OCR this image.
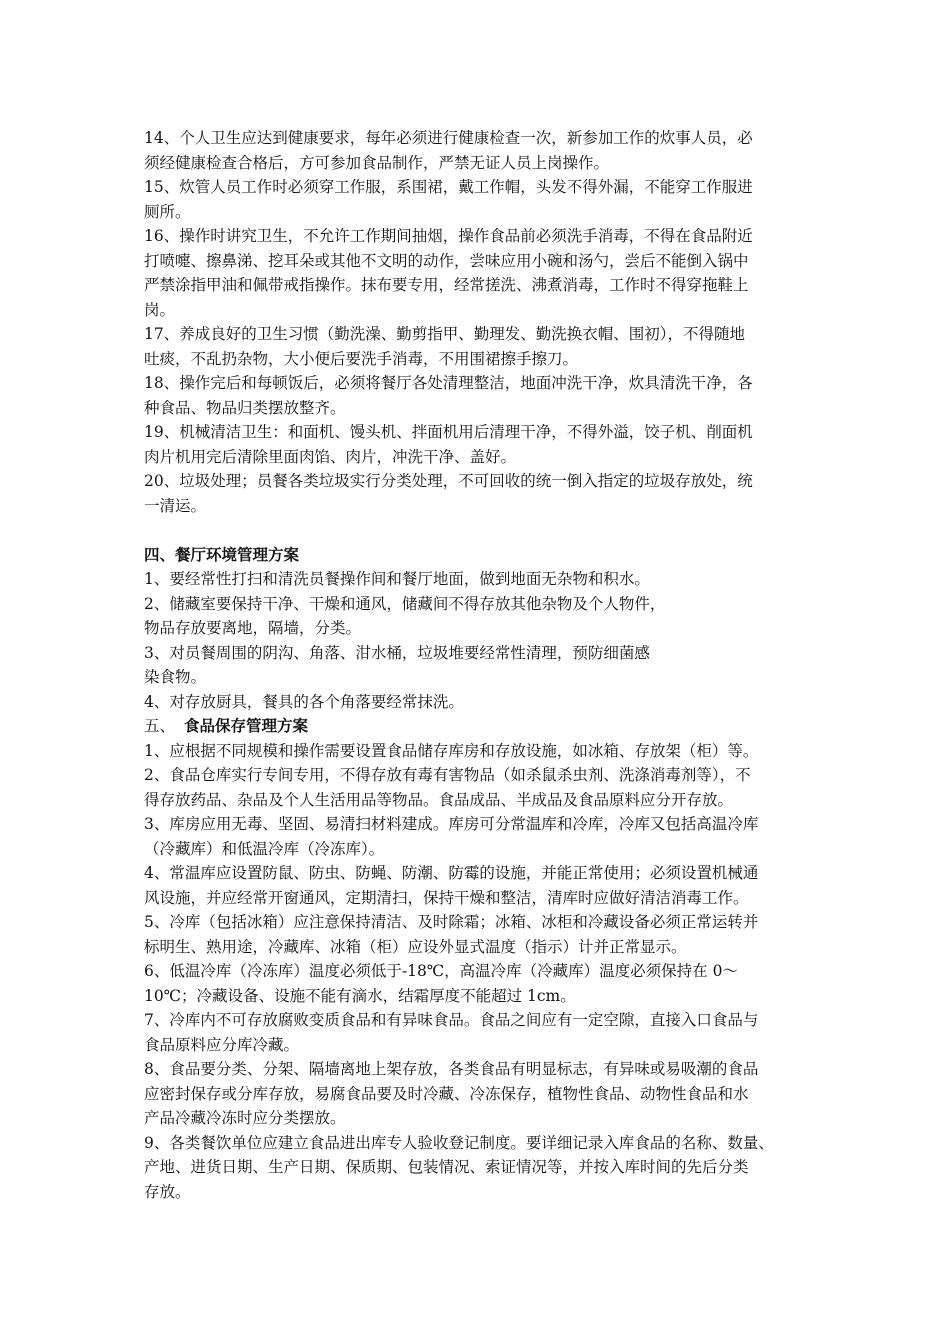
14、个人卫生应达到健康要求，每年必须进行健康检查一次，新参加工作的炊事人员，必
须经健康检查合格后，方可参加食品制作，严禁无证人员上岗操作。
15、炊管人员工作时必须穿工作服，系围裙，戴工作帽，头发不得外漏，不能穿工作服进
厕所。
16、操作时讲究卫生，不允许工作期间抽烟，操作食品前必须洗手消毒，不得在食品附近
打喷嚏、擦鼻涕、挖耳朵或其他不文明的动作，尝味应用小碗和汤勺，尝后不能倒入锅中
严禁涂指甲油和佩带戒指操作。抹布要专用，经常搓洗、沸煮消毒，工作时不得穿拖鞋上
岗。
17、养成良好的卫生习惯（勤洗澡、勤剪指甲、勤理发、勤洗换衣帽、围初），不得随地
吐痰，不乱扔杂物，大小便后要洗手消毒，不用围裙擦手擦刀。
18、操作完后和每顿饭后，必须将餐厅各处清理整洁，地面冲洗干净，炊具清洗干净，各
种食品、物品归类摆放整齐。
19、机械清洁卫生：和面机、馒头机、拌面机用后清理干净，不得外溢，饺子机、削面机
肉片机用完后清除里面肉馅、肉片，冲洗干净、盖好。
20、垃圾处理；员餐各类垃圾实行分类处理，不可回收的统一倒入指定的垃圾存放处，统
一清运。
四、餐厅环境管理方案
1、要经常性打扫和清洗员餐操作间和餐厅地面，做到地面无杂物和积水。
2、储藏室要保持干净、干燥和通风，储藏间不得存放其他杂物及个人物件，
物品存放要离地，隔墙，分类。
3、对员餐周围的阴沟、角落、泔水桶，垃圾堆要经常性清理，预防细菌感
染食物。
4、对存放厨具，餐具的各个角落要经常抹洗。
五、 食品保存管理方案
1、应根据不同规模和操作需要设置食品储存库房和存放设施，如冰箱、存放架（柜）等。
2、食品仓库实行专间专用，不得存放有毒有害物品（如杀鼠杀虫剂、洗涤消毒剂等），不
得存放药品、杂品及个人生活用品等物品。食品成品、半成品及食品原料应分开存放。
3、库房应用无毒、坚固、易清扫材料建成。库房可分常温库和冷库，冷库又包括高温冷库
（冷藏库）和低温冷库（冷冻库）。
4、常温库应设置防鼠、防虫、防蝇、防潮、防霉的设施，并能正常使用；必须设置机械通
风设施，并应经常开窗通风，定期清扫，保持干燥和整洁，清库时应做好清洁消毒工作。
5、冷库（包括冰箱）应注意保持清洁、及时除霜；冰箱、冰柜和冷藏设备必须正常运转并
标明生、熟用途，冷藏库、冰箱（柜）应设外显式温度（指示）计并正常显示。
6、低温冷库（冷冻库）温度必须低于-18℃，高温冷库（冷藏库）温度必须保持在 0～
10℃；冷藏设备、设施不能有滴水，结霜厚度不能超过 1cm。
7、冷库内不可存放腐败变质食品和有异味食品。食品之间应有一定空隙，直接入口食品与
食品原料应分库冷藏。
8、食品要分类、分架、隔墙离地上架存放，各类食品有明显标志，有异味或易吸潮的食品
应密封保存或分库存放，易腐食品要及时冷藏、冷冻保存，植物性食品、动物性食品和水
产品冷藏冷冻时应分类摆放。
9、各类餐饮单位应建立食品进出库专人验收登记制度。要详细记录入库食品的名称、数量、
产地、进货日期、生产日期、保质期、包装情况、索证情况等，并按入库时间的先后分类
存放。
